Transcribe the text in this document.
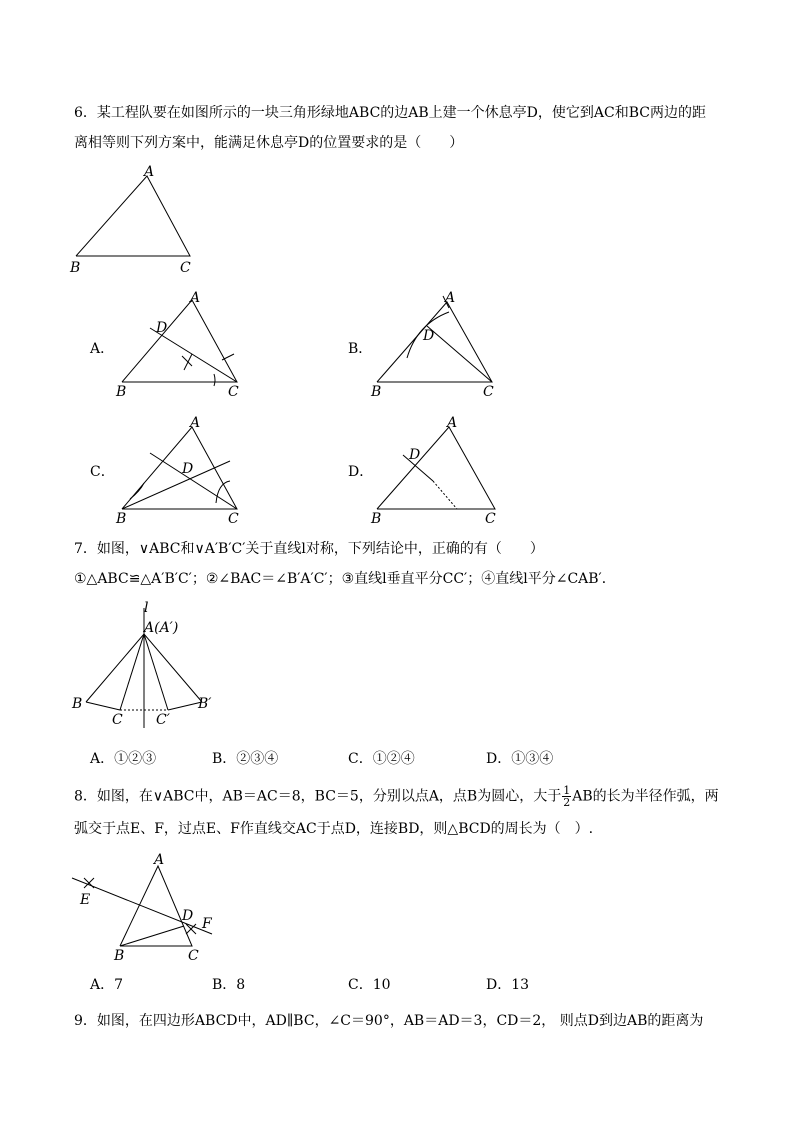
6．某工程队要在如图所示的一块三角形绿地ABC的边AB上建一个休息亭D，使它到AC和BC两边的距
离相等则下列方案中，能满足休息亭D的位置要求的是（　　）
A
B	C
A．
A
D
B	C
B．
A
D
B	C
C．
A
D
B	C
D．
A
D
B	C
7．如图，∨ABC和∨A′B′C′关于直线l对称，下列结论中，正确的有（　　）
①△ABC≌△A′B′C′；②∠BAC＝∠B′A′C′；③直线l垂直平分CC′；④直线l平分∠CAB′．
l
A(A′)
B
C C′
B′
A．①②③	B．②③④	C．①②④	D．①③④
8．如图，在∨ABC中，AB＝AC＝8，BC＝5，分别以点A，点B为圆心，大于 $\frac{1}{2}$ AB的长为半径作弧，两
弧交于点E、F，过点E、F作直线交AC于点D，连接BD，则△BCD的周长为（　）.
A
E
D F
B	C
A．7	B．8	C．10	D．13
9．如图，在四边形ABCD中，AD∥BC，∠C＝90°，AB＝AD＝3，CD＝2， 则点D到边AB的距离为
